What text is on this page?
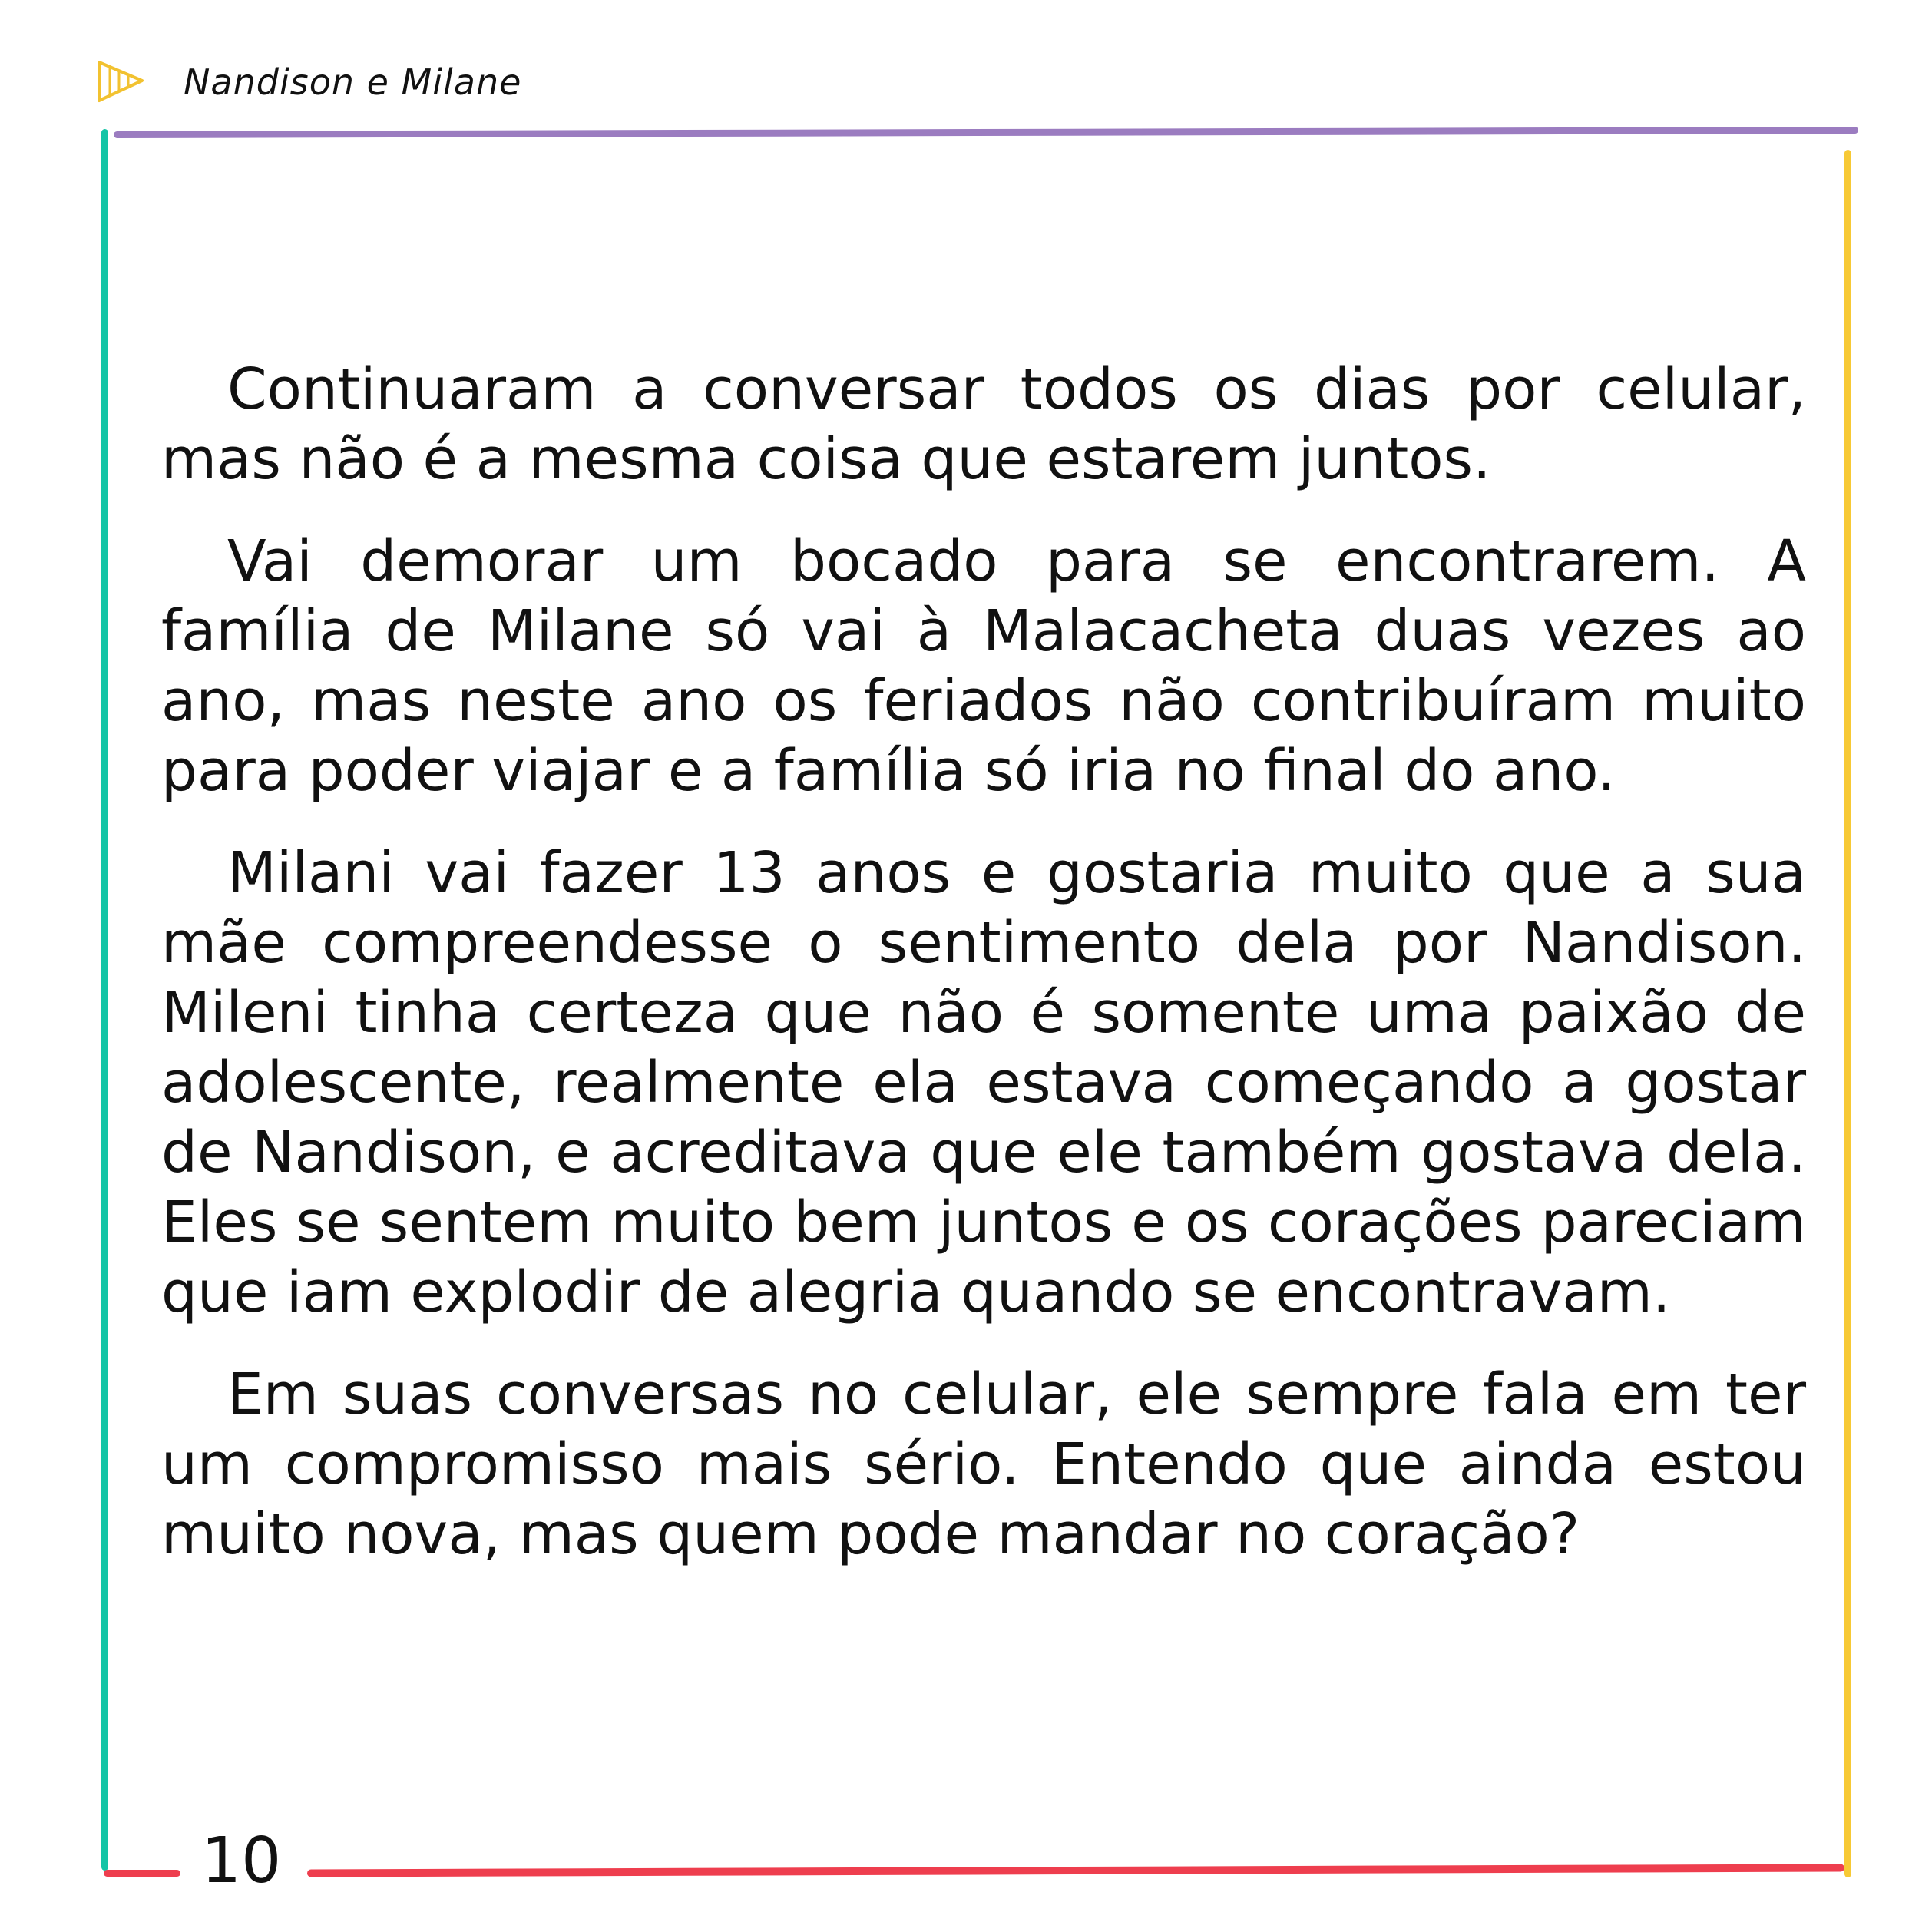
Nandison e Milane

Continuaram a conversar todos os dias por celular, mas não é a mesma coisa que estarem juntos.

Vai demorar um bocado para se encontrarem. A família de Milane só vai à Malacacheta duas vezes ao ano, mas neste ano os feriados não contribuíram muito para poder viajar e a família só iria no final do ano.

Milani vai fazer 13 anos e gostaria muito que a sua mãe compreendesse o sentimento dela por Nandison. Mileni tinha certeza que não é somente uma paixão de adolescente, realmente ela estava começando a gostar de Nandison, e acreditava que ele também gostava dela. Eles se sentem muito bem juntos e os corações pareciam que iam explodir de alegria quando se encontravam.

Em suas conversas no celular, ele sempre fala em ter um compromisso mais sério. Entendo que ainda estou muito nova, mas quem pode mandar no coração?

10
